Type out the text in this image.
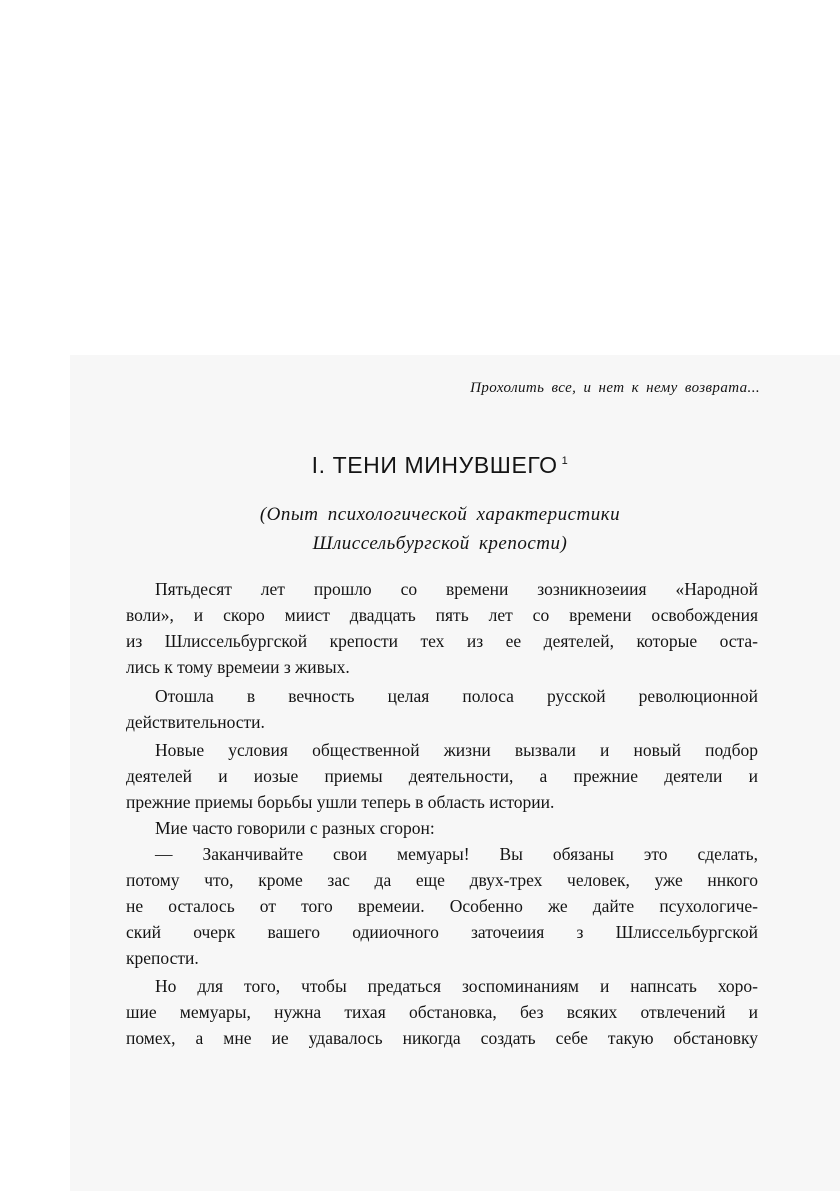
Прохолить все, и нет к нему возврата...
I. ТЕНИ МИНУВШЕГО $^1$
(Опыт психологической характеристики
Шлиссельбургской крепости)
Пятьдесят лет прошло со времени зозникнозеиия «Народной
воли», и скоро миист двадцать пять лет со времени освобождения
из Шлиссельбургской крепости тех из ее деятелей, которые оста-
лись к тому времеии з живых.
Отошла в вечность целая полоса русской революционной
действительности.
Новые условия общественной жизни вызвали и новый подбор
деятелей и иозые приемы деятельности, а прежние деятели и
прежние приемы борьбы ушли теперь в область истории.
Мие часто говорили с разных сгорон:
— Заканчивайте свои мемуары! Вы обязаны это сделать,
потому что, кроме зас да еще двух-трех человек, уже ннкого
не осталось от того времеии. Особенно же дайте псухологиче-
ский очерк вашего одииочного заточеиия з Шлиссельбургской
крепости.
Но для того, чтобы предаться зоспоминаниям и напнсать хоро-
шие мемуары, нужна тихая обстановка, без всяких отвлечений и
помех, а мне ие удавалось никогда создать себе такую обстановку
